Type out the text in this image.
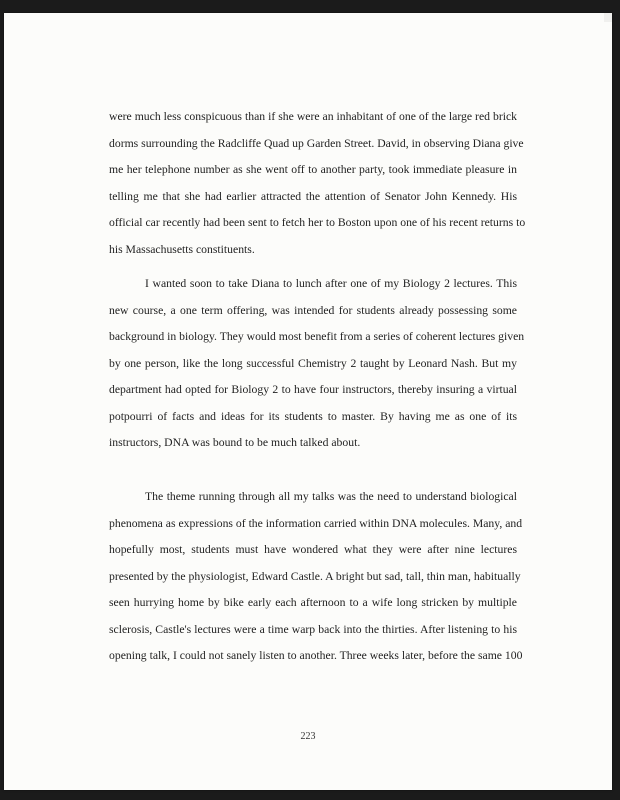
were much less conspicuous than if she were an inhabitant of one of the large red brick
dorms surrounding the Radcliffe Quad up Garden Street. David, in observing Diana give
me her telephone number as she went off to another party, took immediate pleasure in
telling me that she had earlier attracted the attention of Senator John Kennedy. His
official car recently had been sent to fetch her to Boston upon one of his recent returns to
his Massachusetts constituents.
I wanted soon to take Diana to lunch after one of my Biology 2 lectures. This
new course, a one term offering, was intended for students already possessing some
background in biology. They would most benefit from a series of coherent lectures given
by one person, like the long successful Chemistry 2 taught by Leonard Nash. But my
department had opted for Biology 2 to have four instructors, thereby insuring a virtual
potpourri of facts and ideas for its students to master. By having me as one of its
instructors, DNA was bound to be much talked about.
The theme running through all my talks was the need to understand biological
phenomena as expressions of the information carried within DNA molecules. Many, and
hopefully most, students must have wondered what they were after nine lectures
presented by the physiologist, Edward Castle. A bright but sad, tall, thin man, habitually
seen hurrying home by bike early each afternoon to a wife long stricken by multiple
sclerosis, Castle's lectures were a time warp back into the thirties. After listening to his
opening talk, I could not sanely listen to another. Three weeks later, before the same 100
223
